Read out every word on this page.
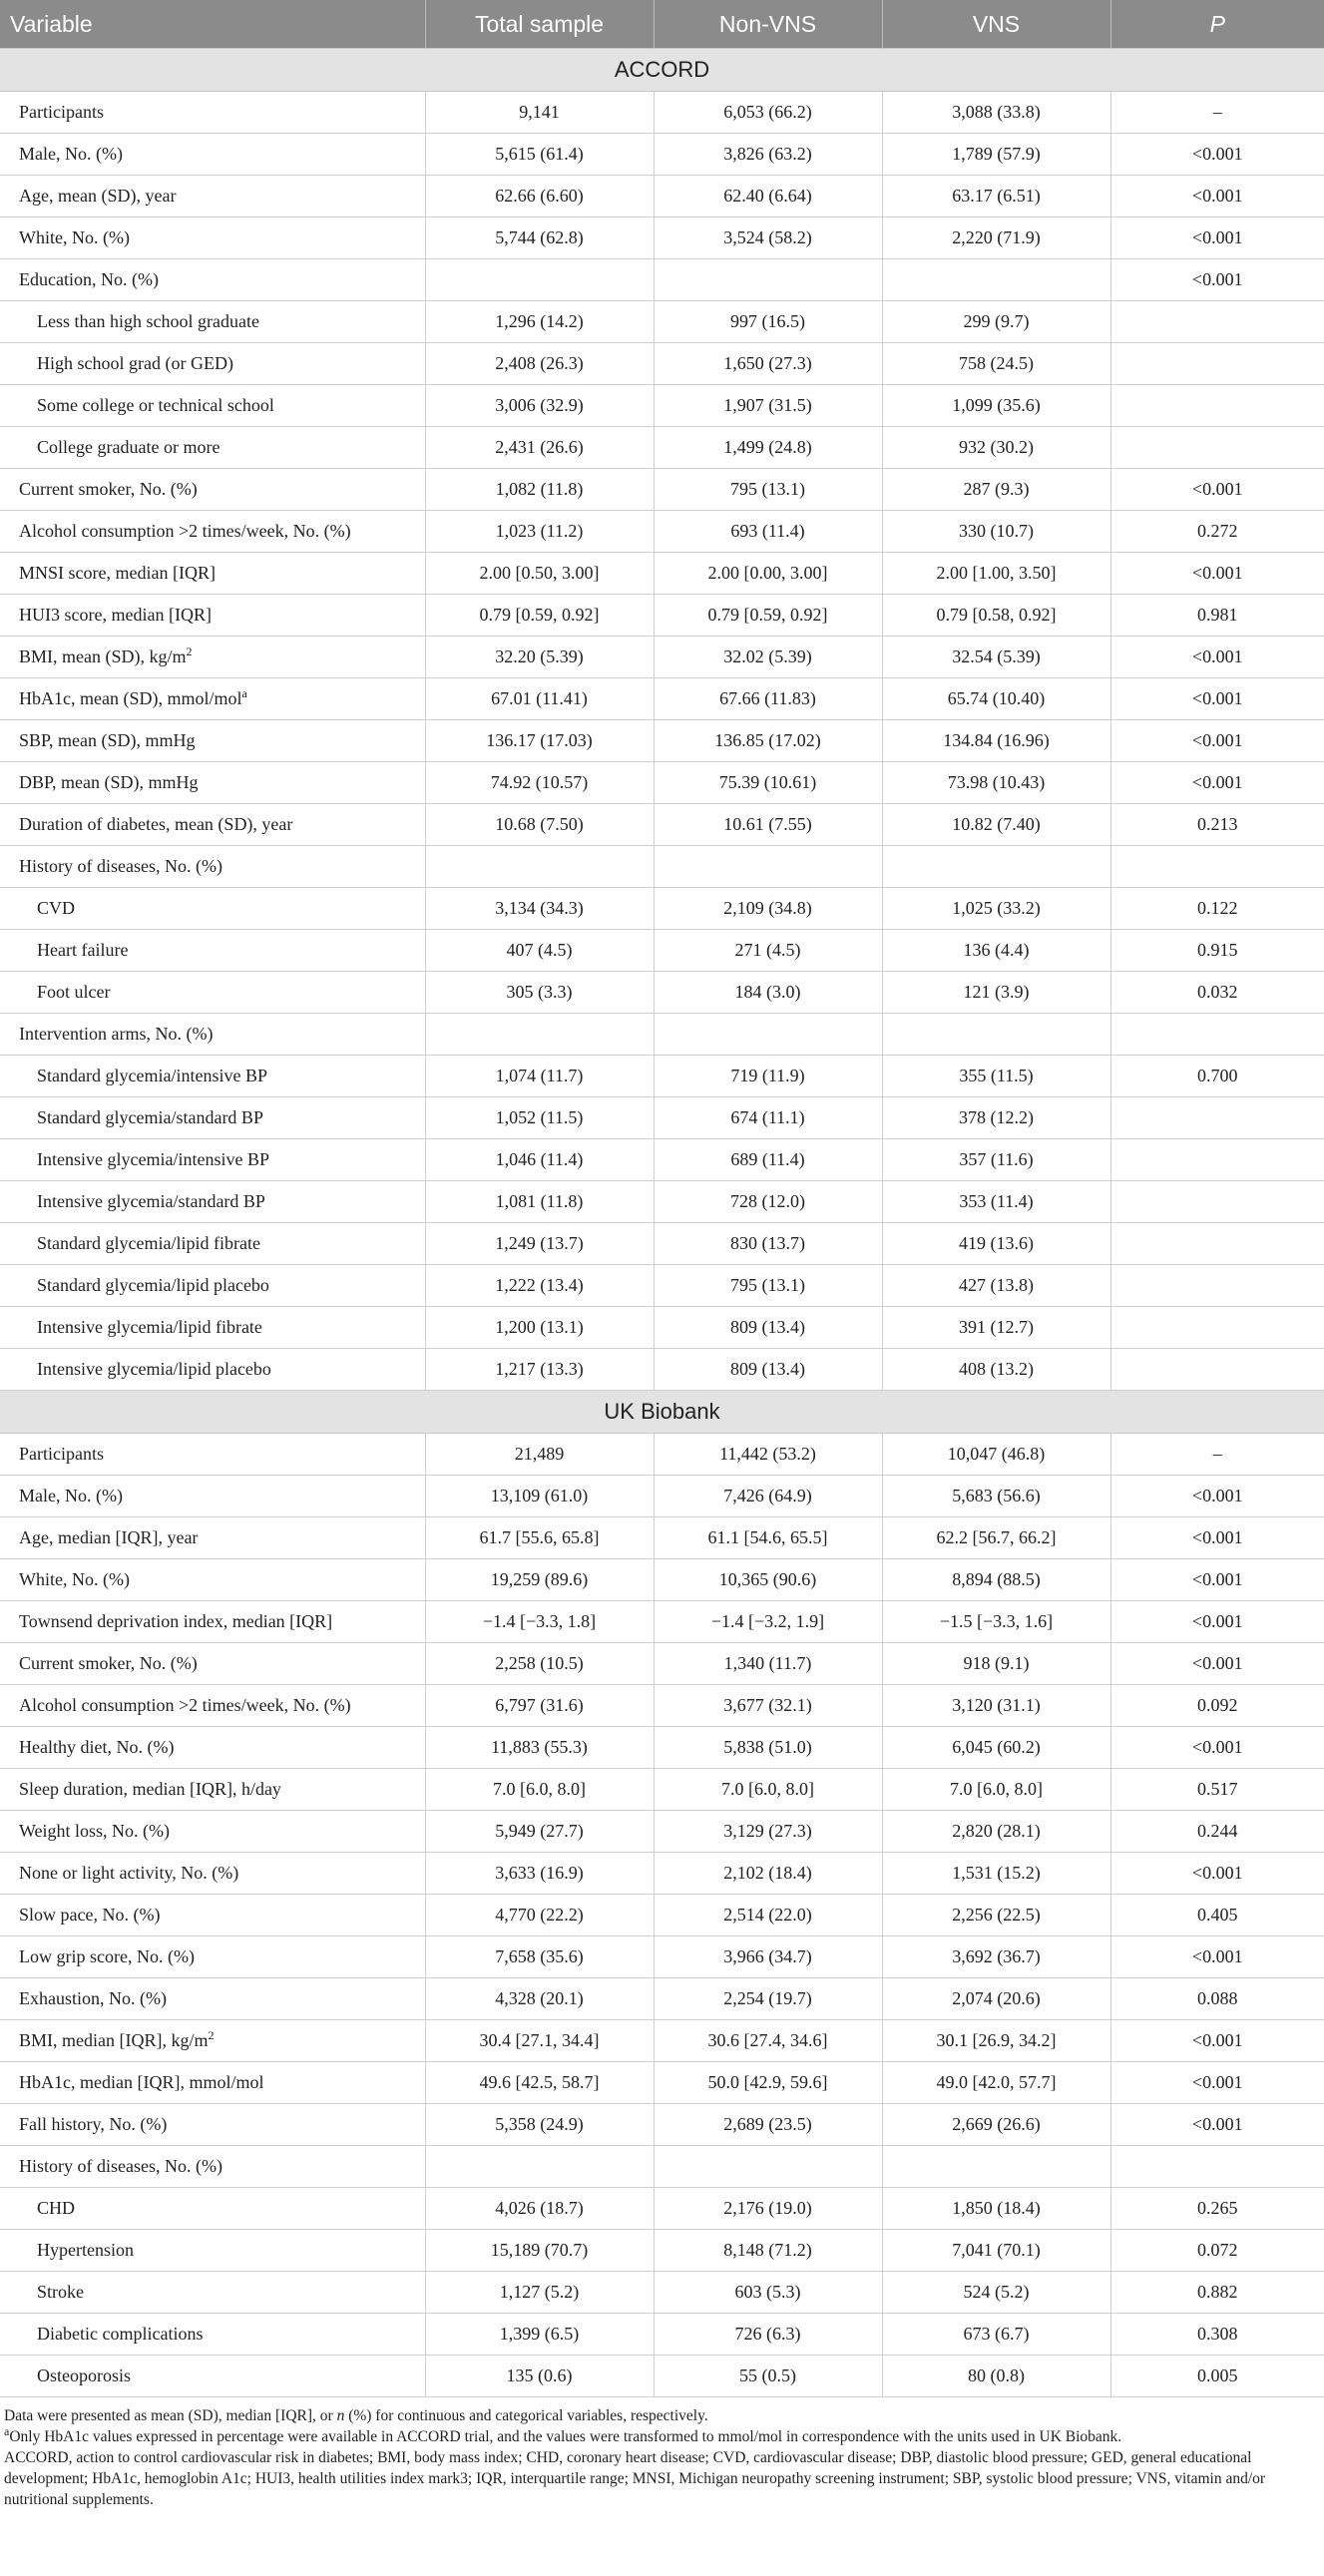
Variable	Total sample	Non-VNS	VNS	P
ACCORD				
Participants	9,141	6,053 (66.2)	3,088 (33.8)	–
Male, No. (%)	5,615 (61.4)	3,826 (63.2)	1,789 (57.9)	<0.001
Age, mean (SD), year	62.66 (6.60)	62.40 (6.64)	63.17 (6.51)	<0.001
White, No. (%)	5,744 (62.8)	3,524 (58.2)	2,220 (71.9)	<0.001
Education, No. (%)				<0.001
Less than high school graduate	1,296 (14.2)	997 (16.5)	299 (9.7)	
High school grad (or GED)	2,408 (26.3)	1,650 (27.3)	758 (24.5)	
Some college or technical school	3,006 (32.9)	1,907 (31.5)	1,099 (35.6)	
College graduate or more	2,431 (26.6)	1,499 (24.8)	932 (30.2)	
Current smoker, No. (%)	1,082 (11.8)	795 (13.1)	287 (9.3)	<0.001
Alcohol consumption >2 times/week, No. (%)	1,023 (11.2)	693 (11.4)	330 (10.7)	0.272
MNSI score, median [IQR]	2.00 [0.50, 3.00]	2.00 [0.00, 3.00]	2.00 [1.00, 3.50]	<0.001
HUI3 score, median [IQR]	0.79 [0.59, 0.92]	0.79 [0.59, 0.92]	0.79 [0.58, 0.92]	0.981
BMI, mean (SD), $kg/m^2$	32.20 (5.39)	32.02 (5.39)	32.54 (5.39)	<0.001
HbA1c, mean (SD), mmol/mol$^a$	67.01 (11.41)	67.66 (11.83)	65.74 (10.40)	<0.001
SBP, mean (SD), mmHg	136.17 (17.03)	136.85 (17.02)	134.84 (16.96)	<0.001
DBP, mean (SD), mmHg	74.92 (10.57)	75.39 (10.61)	73.98 (10.43)	<0.001
Duration of diabetes, mean (SD), year	10.68 (7.50)	10.61 (7.55)	10.82 (7.40)	0.213
History of diseases, No. (%)				
CVD	3,134 (34.3)	2,109 (34.8)	1,025 (33.2)	0.122
Heart failure	407 (4.5)	271 (4.5)	136 (4.4)	0.915
Foot ulcer	305 (3.3)	184 (3.0)	121 (3.9)	0.032
Intervention arms, No. (%)				
Standard glycemia/intensive BP	1,074 (11.7)	719 (11.9)	355 (11.5)	0.700
Standard glycemia/standard BP	1,052 (11.5)	674 (11.1)	378 (12.2)	
Intensive glycemia/intensive BP	1,046 (11.4)	689 (11.4)	357 (11.6)	
Intensive glycemia/standard BP	1,081 (11.8)	728 (12.0)	353 (11.4)	
Standard glycemia/lipid fibrate	1,249 (13.7)	830 (13.7)	419 (13.6)	
Standard glycemia/lipid placebo	1,222 (13.4)	795 (13.1)	427 (13.8)	
Intensive glycemia/lipid fibrate	1,200 (13.1)	809 (13.4)	391 (12.7)	
Intensive glycemia/lipid placebo	1,217 (13.3)	809 (13.4)	408 (13.2)	
UK Biobank				
Participants	21,489	11,442 (53.2)	10,047 (46.8)	–
Male, No. (%)	13,109 (61.0)	7,426 (64.9)	5,683 (56.6)	<0.001
Age, median [IQR], year	61.7 [55.6, 65.8]	61.1 [54.6, 65.5]	62.2 [56.7, 66.2]	<0.001
White, No. (%)	19,259 (89.6)	10,365 (90.6)	8,894 (88.5)	<0.001
Townsend deprivation index, median [IQR]	−1.4 [−3.3, 1.8]	−1.4 [−3.2, 1.9]	−1.5 [−3.3, 1.6]	<0.001
Current smoker, No. (%)	2,258 (10.5)	1,340 (11.7)	918 (9.1)	<0.001
Alcohol consumption >2 times/week, No. (%)	6,797 (31.6)	3,677 (32.1)	3,120 (31.1)	0.092
Healthy diet, No. (%)	11,883 (55.3)	5,838 (51.0)	6,045 (60.2)	<0.001
Sleep duration, median [IQR], h/day	7.0 [6.0, 8.0]	7.0 [6.0, 8.0]	7.0 [6.0, 8.0]	0.517
Weight loss, No. (%)	5,949 (27.7)	3,129 (27.3)	2,820 (28.1)	0.244
None or light activity, No. (%)	3,633 (16.9)	2,102 (18.4)	1,531 (15.2)	<0.001
Slow pace, No. (%)	4,770 (22.2)	2,514 (22.0)	2,256 (22.5)	0.405
Low grip score, No. (%)	7,658 (35.6)	3,966 (34.7)	3,692 (36.7)	<0.001
Exhaustion, No. (%)	4,328 (20.1)	2,254 (19.7)	2,074 (20.6)	0.088
BMI, median [IQR], $kg/m^2$	30.4 [27.1, 34.4]	30.6 [27.4, 34.6]	30.1 [26.9, 34.2]	<0.001
HbA1c, median [IQR], mmol/mol	49.6 [42.5, 58.7]	50.0 [42.9, 59.6]	49.0 [42.0, 57.7]	<0.001
Fall history, No. (%)	5,358 (24.9)	2,689 (23.5)	2,669 (26.6)	<0.001
History of diseases, No. (%)				
CHD	4,026 (18.7)	2,176 (19.0)	1,850 (18.4)	0.265
Hypertension	15,189 (70.7)	8,148 (71.2)	7,041 (70.1)	0.072
Stroke	1,127 (5.2)	603 (5.3)	524 (5.2)	0.882
Diabetic complications	1,399 (6.5)	726 (6.3)	673 (6.7)	0.308
Osteoporosis	135 (0.6)	55 (0.5)	80 (0.8)	0.005

Data were presented as mean (SD), median [IQR], or n (%) for continuous and categorical variables, respectively.

$^a$Only HbA1c values expressed in percentage were available in ACCORD trial, and the values were transformed to mmol/mol in correspondence with the units used in UK Biobank.

ACCORD, action to control cardiovascular risk in diabetes; BMI, body mass index; CHD, coronary heart disease; CVD, cardiovascular disease; DBP, diastolic blood pressure; GED, general educational development; HbA1c, hemoglobin A1c; HUI3, health utilities index mark3; IQR, interquartile range; MNSI, Michigan neuropathy screening instrument; SBP, systolic blood pressure; VNS, vitamin and/or nutritional supplements.
